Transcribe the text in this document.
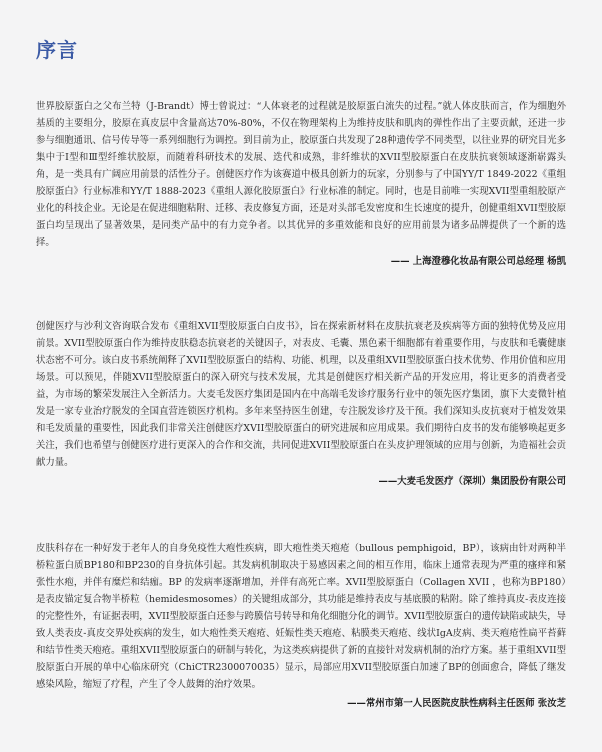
序言

世界胶原蛋白之父布兰特（J-Brandt）博士曾说过：“人体衰老的过程就是胶原蛋白流失的过程。”就人体皮肤而言，作为细胞外基质的主要组分，胶原在真皮层中含量高达70%-80%，不仅在物理架构上为维持皮肤和肌肉的弹性作出了主要贡献，还进一步参与细胞通讯、信号传导等一系列细胞行为调控。到目前为止，胶原蛋白共发现了28种遗传学不同类型，以往业界的研究目光多集中于Ⅰ型和Ⅲ型纤维状胶原，而随着科研技术的发展、迭代和成熟，非纤维状的XVII型胶原蛋白在皮肤抗衰领域逐渐崭露头角，是一类具有广阔应用前景的活性分子。创健医疗作为该赛道中极具创新力的玩家，分别参与了中国YY/T 1849-2022《重组胶原蛋白》行业标准和YY/T 1888-2023《重组人源化胶原蛋白》行业标准的制定。同时，也是目前唯一实现XVII型重组胶原产业化的科技企业。无论是在促进细胞粘附、迁移、表皮修复方面，还是对头部毛发密度和生长速度的提升，创健重组XVII型胶原蛋白均呈现出了显著效果，是同类产品中的有力竞争者。以其优异的多重效能和良好的应用前景为诸多品牌提供了一个新的选择。

—— 上海澄穆化妆品有限公司总经理 杨凯

创健医疗与沙利文咨询联合发布《重组XVII型胶原蛋白白皮书》，旨在探索新材料在皮肤抗衰老及疾病等方面的独特优势及应用前景。XVII型胶原蛋白作为维持皮肤稳态抗衰老的关键因子，对表皮、毛囊、黑色素干细胞都有着重要作用，与皮肤和毛囊健康状态密不可分。该白皮书系统阐释了XVII型胶原蛋白的结构、功能、机理，以及重组XVII型胶原蛋白技术优势、作用价值和应用场景。可以预见，伴随XVII型胶原蛋白的深入研究与技术发展，尤其是创健医疗相关新产品的开发应用，将让更多的消费者受益，为市场的繁荣发展注入全新活力。大麦毛发医疗集团是国内在中高端毛发诊疗服务行业中的领先医疗集团，旗下大麦微针植发是一家专业治疗脱发的全国直营连锁医疗机构。多年来坚持医生创建，专注脱发诊疗及干预。我们深知头皮抗衰对于植发效果和毛发质量的重要性，因此我们非常关注创健医疗XVII型胶原蛋白的研究进展和应用成果。我们期待白皮书的发布能够唤起更多关注，我们也希望与创健医疗进行更深入的合作和交流，共同促进XVII型胶原蛋白在头皮护理领域的应用与创新，为造福社会贡献力量。

——大麦毛发医疗（深圳）集团股份有限公司

皮肤科存在一种好发于老年人的自身免疫性大疱性疾病，即大疱性类天疱疮（bullous pemphigoid，BP），该病由针对两种半桥粒蛋白质BP180和BP230的自身抗体引起。其发病机制取决于易感因素之间的相互作用，临床上通常表现为严重的瘙痒和紧张性水疱，并伴有糜烂和结痂。BP 的发病率逐渐增加，并伴有高死亡率。XVII型胶原蛋白（Collagen XVII ，也称为BP180）是表皮锚定复合物半桥粒（hemidesmosomes）的关键组成部分，其功能是维持表皮与基底膜的粘附。除了维持真皮-表皮连接的完整性外，有证据表明，XVII型胶原蛋白还参与跨膜信号转导和角化细胞分化的调节。XVII型胶原蛋白的遗传缺陷或缺失，导致人类表皮-真皮交界处疾病的发生，如大疱性类天疱疮、妊娠性类天疱疮、粘膜类天疱疮、线状IgA皮病、类天疱疮性扁平苔藓和结节性类天疱疮。重组XVII型胶原蛋白的研制与转化，为这类疾病提供了新的直接针对发病机制的治疗方案。基于重组XVII型胶原蛋白开展的单中心临床研究（ChiCTR2300070035）显示，局部应用XVII型胶原蛋白加速了BP的创面愈合，降低了继发感染风险，缩短了疗程，产生了令人鼓舞的治疗效果。

——常州市第一人民医院皮肤性病科主任医师 张汝芝
